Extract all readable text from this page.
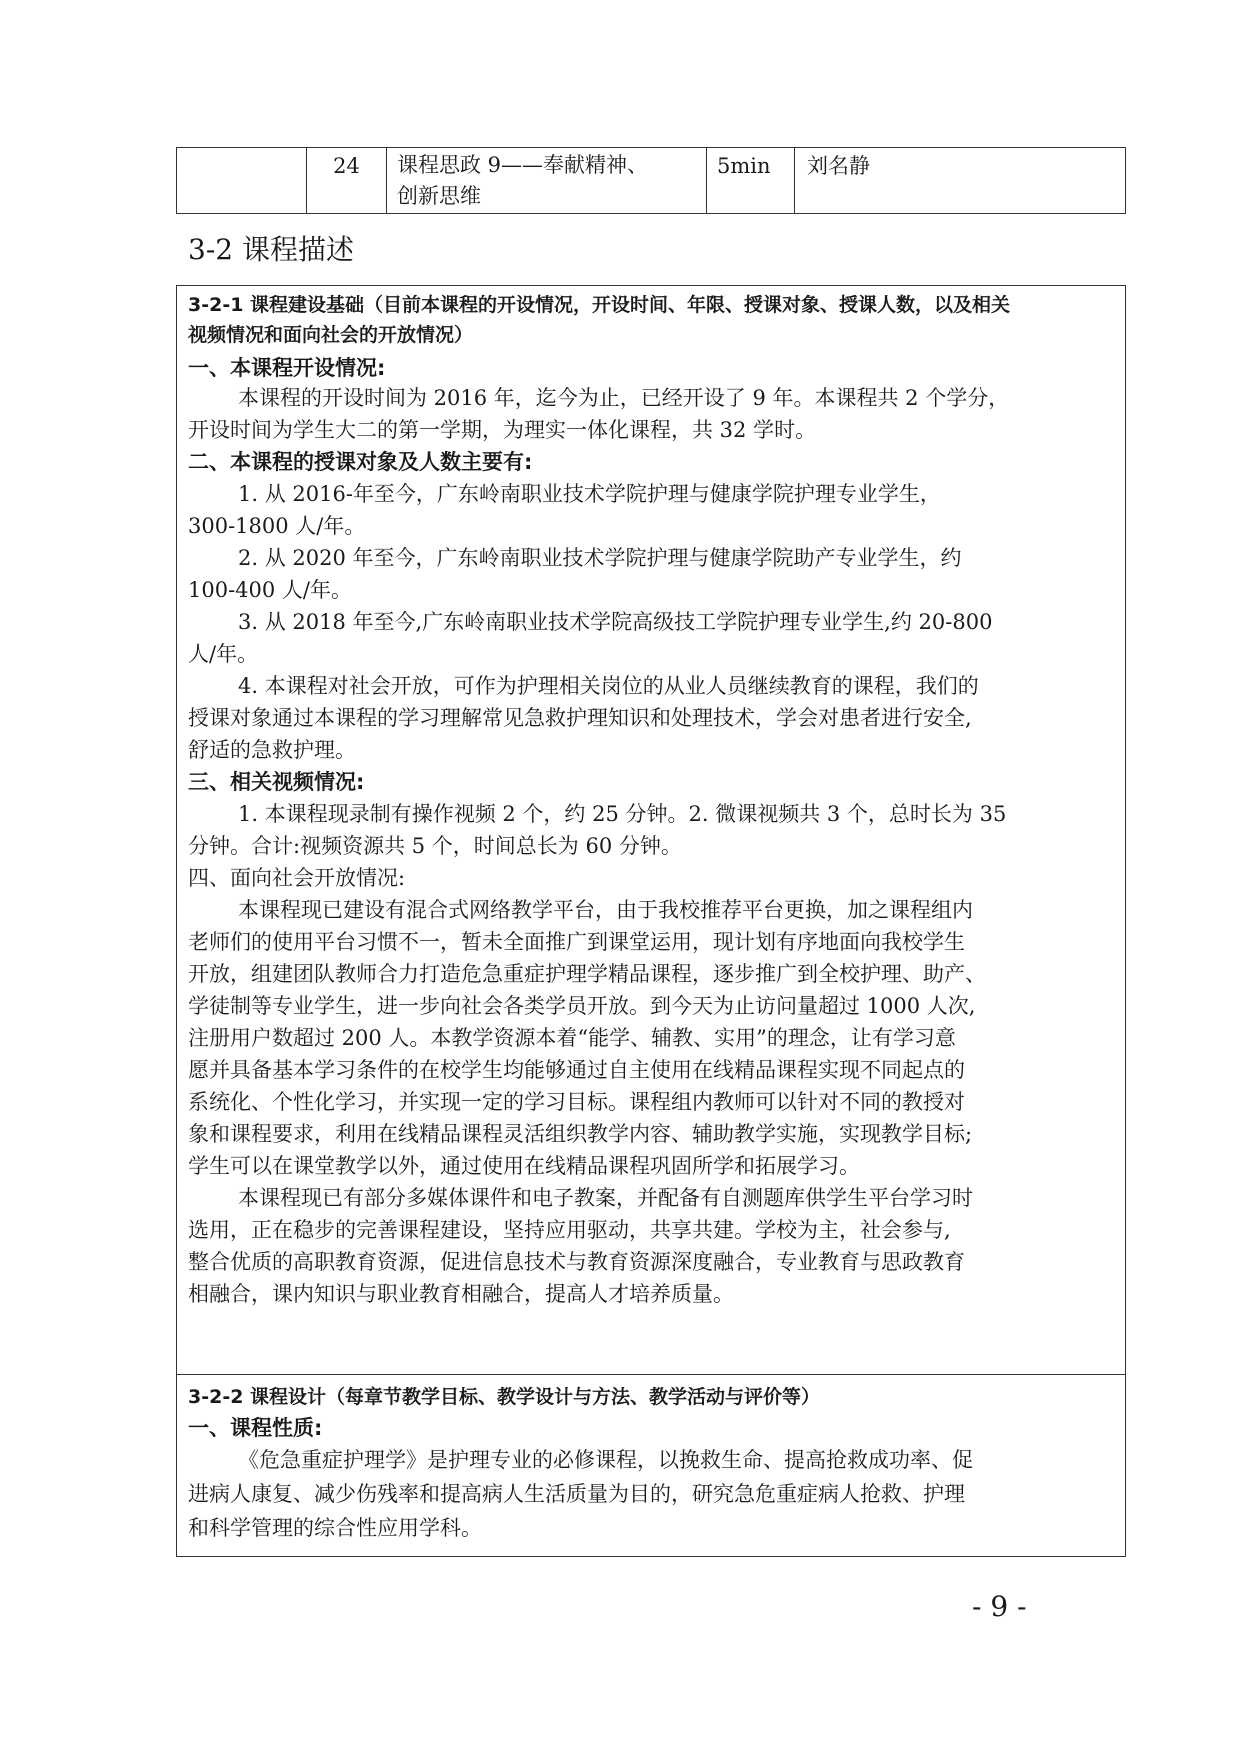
24	课程思政 9——奉献精神、
创新思维
5min	刘名静
3-2 课程描述
3-2-1 课程建设基础（目前本课程的开设情况，开设时间、年限、授课对象、授课人数，以及相关
视频情况和面向社会的开放情况）
一、本课程开设情况:
本课程的开设时间为 2016 年，迄今为止，已经开设了 9 年。本课程共 2 个学分，
开设时间为学生大二的第一学期，为理实一体化课程，共 32 学时。
二、本课程的授课对象及人数主要有:
1. 从 2016-年至今，广东岭南职业技术学院护理与健康学院护理专业学生，
300-1800 人/年。
2. 从 2020 年至今，广东岭南职业技术学院护理与健康学院助产专业学生，约
100-400 人/年。
3. 从 2018 年至今,广东岭南职业技术学院高级技工学院护理专业学生,约 20-800
人/年。
4. 本课程对社会开放，可作为护理相关岗位的从业人员继续教育的课程，我们的
授课对象通过本课程的学习理解常见急救护理知识和处理技术，学会对患者进行安全,
舒适的急救护理。
三、相关视频情况:
1. 本课程现录制有操作视频 2 个，约 25 分钟。2. 微课视频共 3 个，总时长为 35
分钟。合计:视频资源共 5 个，时间总长为 60 分钟。
四、面向社会开放情况:
本课程现已建设有混合式网络教学平台，由于我校推荐平台更换，加之课程组内
老师们的使用平台习惯不一，暂未全面推广到课堂运用，现计划有序地面向我校学生
开放，组建团队教师合力打造危急重症护理学精品课程，逐步推广到全校护理、助产、
学徒制等专业学生，进一步向社会各类学员开放。到今天为止访问量超过 1000 人次,
注册用户数超过 200 人。本教学资源本着“能学、辅教、实用”的理念，让有学习意
愿并具备基本学习条件的在校学生均能够通过自主使用在线精品课程实现不同起点的
系统化、个性化学习，并实现一定的学习目标。课程组内教师可以针对不同的教授对
象和课程要求，利用在线精品课程灵活组织教学内容、辅助教学实施，实现教学目标;
学生可以在课堂教学以外，通过使用在线精品课程巩固所学和拓展学习。
本课程现已有部分多媒体课件和电子教案，并配备有自测题库供学生平台学习时
选用，正在稳步的完善课程建设，坚持应用驱动，共享共建。学校为主，社会参与,
整合优质的高职教育资源，促进信息技术与教育资源深度融合，专业教育与思政教育
相融合，课内知识与职业教育相融合，提高人才培养质量。
3-2-2 课程设计（每章节教学目标、教学设计与方法、教学活动与评价等）
一、课程性质:
《危急重症护理学》是护理专业的必修课程，以挽救生命、提高抢救成功率、促
进病人康复、减少伤残率和提高病人生活质量为目的，研究急危重症病人抢救、护理
和科学管理的综合性应用学科。
- 9 -
